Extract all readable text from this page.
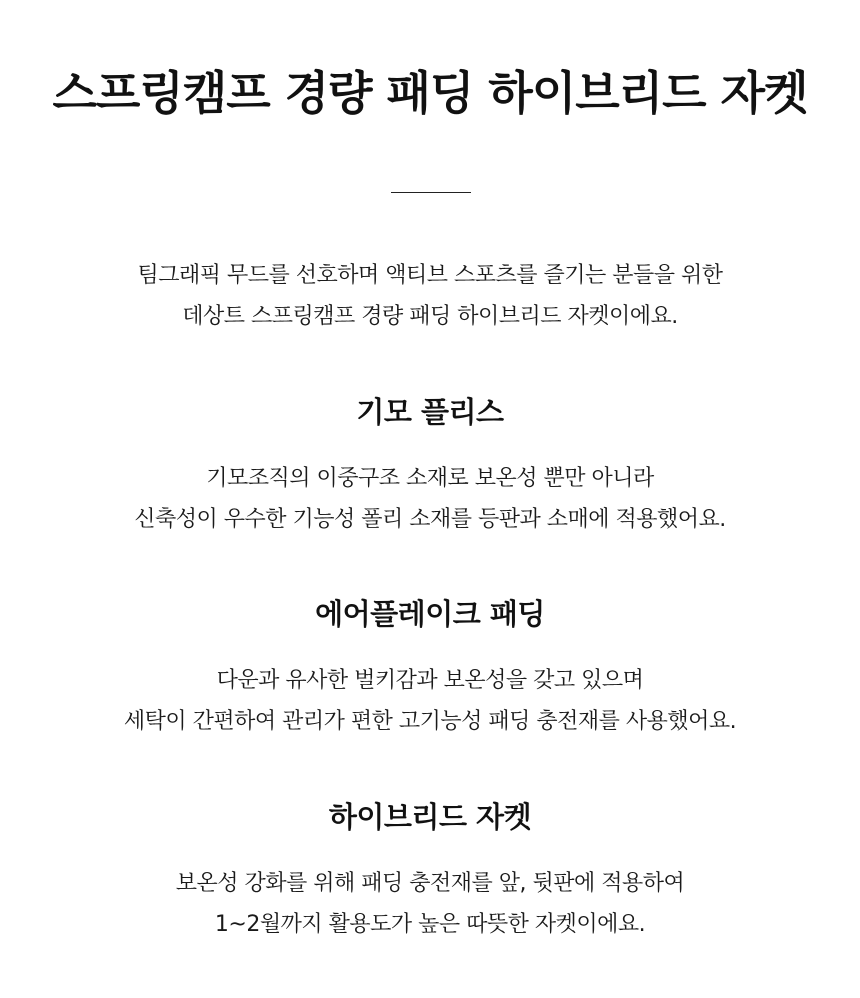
스프링캠프 경량 패딩 하이브리드 자켓

팀그래픽 무드를 선호하며 액티브 스포츠를 즐기는 분들을 위한

데상트 스프링캠프 경량 패딩 하이브리드 자켓이에요.

기모 플리스

기모조직의 이중구조 소재로 보온성 뿐만 아니라

신축성이 우수한 기능성 폴리 소재를 등판과 소매에 적용했어요.

에어플레이크 패딩

다운과 유사한 벌키감과 보온성을 갖고 있으며

세탁이 간편하여 관리가 편한 고기능성 패딩 충전재를 사용했어요.

하이브리드 자켓

보온성 강화를 위해 패딩 충전재를 앞, 뒷판에 적용하여

1~2월까지 활용도가 높은 따뜻한 자켓이에요.
